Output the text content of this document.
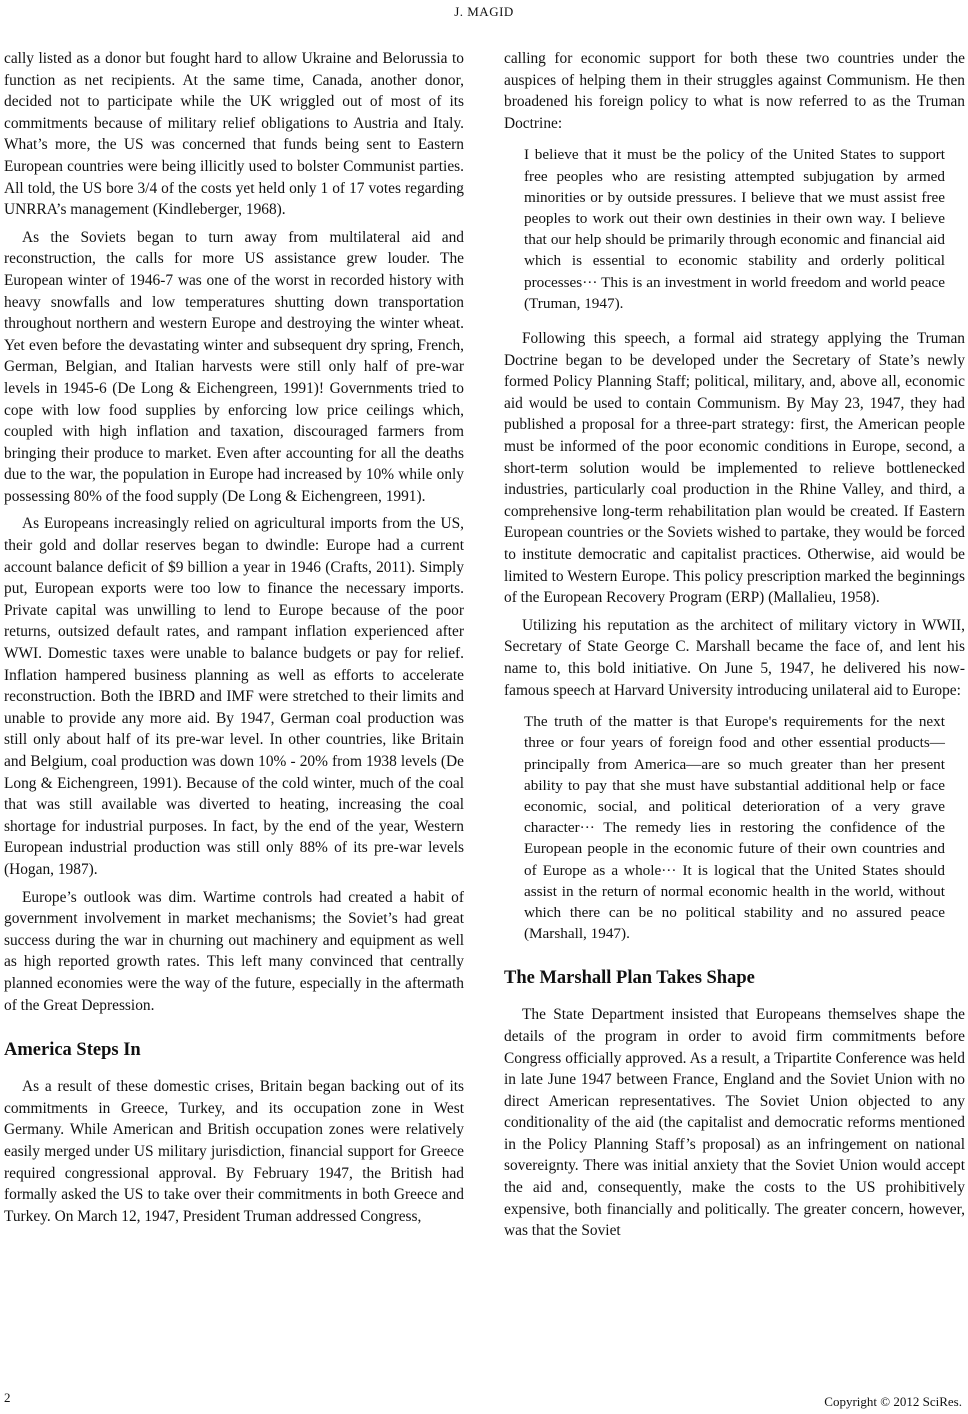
J. MAGID

cally listed as a donor but fought hard to allow Ukraine and Belorussia to function as net recipients. At the same time, Canada, another donor, decided not to participate while the UK wriggled out of most of its commitments because of military relief obligations to Austria and Italy. What’s more, the US was concerned that funds being sent to Eastern European countries were being illicitly used to bolster Communist parties. All told, the US bore 3/4 of the costs yet held only 1 of 17 votes regarding UNRRA’s management (Kindleberger, 1968).

As the Soviets began to turn away from multilateral aid and reconstruction, the calls for more US assistance grew louder. The European winter of 1946-7 was one of the worst in recorded history with heavy snowfalls and low temperatures shutting down transportation throughout northern and western Europe and destroying the winter wheat. Yet even before the devastating winter and subsequent dry spring, French, German, Belgian, and Italian harvests were still only half of pre-war levels in 1945-6 (De Long & Eichengreen, 1991)! Governments tried to cope with low food supplies by enforcing low price ceilings which, coupled with high inflation and taxation, discouraged farmers from bringing their produce to market. Even after accounting for all the deaths due to the war, the population in Europe had increased by 10% while only possessing 80% of the food supply (De Long & Eichengreen, 1991).

As Europeans increasingly relied on agricultural imports from the US, their gold and dollar reserves began to dwindle: Europe had a current account balance deficit of $9 billion a year in 1946 (Crafts, 2011). Simply put, European exports were too low to finance the necessary imports. Private capital was unwilling to lend to Europe because of the poor returns, outsized default rates, and rampant inflation experienced after WWI. Domestic taxes were unable to balance budgets or pay for relief. Inflation hampered business planning as well as efforts to accelerate reconstruction. Both the IBRD and IMF were stretched to their limits and unable to provide any more aid. By 1947, German coal production was still only about half of its pre-war level. In other countries, like Britain and Belgium, coal production was down 10% - 20% from 1938 levels (De Long & Eichengreen, 1991). Because of the cold winter, much of the coal that was still available was diverted to heating, increasing the coal shortage for industrial purposes. In fact, by the end of the year, Western European industrial production was still only 88% of its pre-war levels (Hogan, 1987).

Europe’s outlook was dim. Wartime controls had created a habit of government involvement in market mechanisms; the Soviet’s had great success during the war in churning out machinery and equipment as well as high reported growth rates. This left many convinced that centrally planned economies were the way of the future, especially in the aftermath of the Great Depression.

America Steps In

As a result of these domestic crises, Britain began backing out of its commitments in Greece, Turkey, and its occupation zone in West Germany. While American and British occupation zones were relatively easily merged under US military jurisdiction, financial support for Greece required congressional approval. By February 1947, the British had formally asked the US to take over their commitments in both Greece and Turkey. On March 12, 1947, President Truman addressed Congress,

calling for economic support for both these two countries under the auspices of helping them in their struggles against Communism. He then broadened his foreign policy to what is now referred to as the Truman Doctrine:

I believe that it must be the policy of the United States to support free peoples who are resisting attempted subjugation by armed minorities or by outside pressures. I believe that we must assist free peoples to work out their own destinies in their own way. I believe that our help should be primarily through economic and financial aid which is essential to economic stability and orderly political processes··· This is an investment in world freedom and world peace (Truman, 1947).

Following this speech, a formal aid strategy applying the Truman Doctrine began to be developed under the Secretary of State’s newly formed Policy Planning Staff; political, military, and, above all, economic aid would be used to contain Communism. By May 23, 1947, they had published a proposal for a three-part strategy: first, the American people must be informed of the poor economic conditions in Europe, second, a short-term solution would be implemented to relieve bottlenecked industries, particularly coal production in the Rhine Valley, and third, a comprehensive long-term rehabilitation plan would be created. If Eastern European countries or the Soviets wished to partake, they would be forced to institute democratic and capitalist practices. Otherwise, aid would be limited to Western Europe. This policy prescription marked the beginnings of the European Recovery Program (ERP) (Mallalieu, 1958).

Utilizing his reputation as the architect of military victory in WWII, Secretary of State George C. Marshall became the face of, and lent his name to, this bold initiative. On June 5, 1947, he delivered his now-famous speech at Harvard University introducing unilateral aid to Europe:

The truth of the matter is that Europe's requirements for the next three or four years of foreign food and other essential products—principally from America—are so much greater than her present ability to pay that she must have substantial additional help or face economic, social, and political deterioration of a very grave character··· The remedy lies in restoring the confidence of the European people in the economic future of their own countries and of Europe as a whole··· It is logical that the United States should assist in the return of normal economic health in the world, without which there can be no political stability and no assured peace (Marshall, 1947).
The Marshall Plan Takes Shape

The State Department insisted that Europeans themselves shape the details of the program in order to avoid firm commitments before Congress officially approved. As a result, a Tripartite Conference was held in late June 1947 between France, England and the Soviet Union with no direct American representatives. The Soviet Union objected to any conditionality of the aid (the capitalist and democratic reforms mentioned in the Policy Planning Staff’s proposal) as an infringement on national sovereignty. There was initial anxiety that the Soviet Union would accept the aid and, consequently, make the costs to the US prohibitively expensive, both financially and politically. The greater concern, however, was that the Soviet

2	Copyright © 2012 SciRes.
